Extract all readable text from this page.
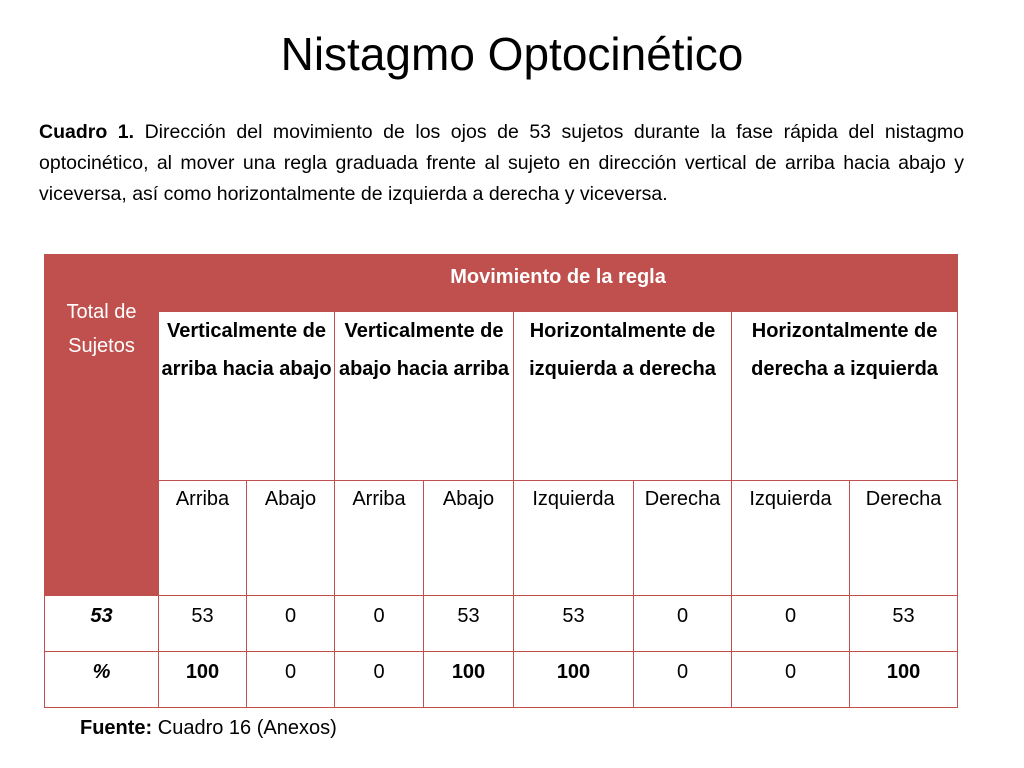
Nistagmo Optocinético

Cuadro 1. Dirección del movimiento de los ojos de 53 sujetos durante la fase rápida del nistagmo optocinético, al mover una regla graduada frente al sujeto en dirección vertical de arriba hacia abajo y viceversa, así como horizontalmente de izquierda a derecha y viceversa.

Total de Sujetos	Movimiento de la regla							
	Verticalmente de arriba hacia abajo		Verticalmente de abajo hacia arriba		Horizontalmente de izquierda a derecha		Horizontalmente de derecha a izquierda	
	Arriba	Abajo	Arriba	Abajo	Izquierda	Derecha	Izquierda	Derecha
53	53	0	0	53	53	0	0	53
%	100	0	0	100	100	0	0	100

Fuente: Cuadro 16 (Anexos)
